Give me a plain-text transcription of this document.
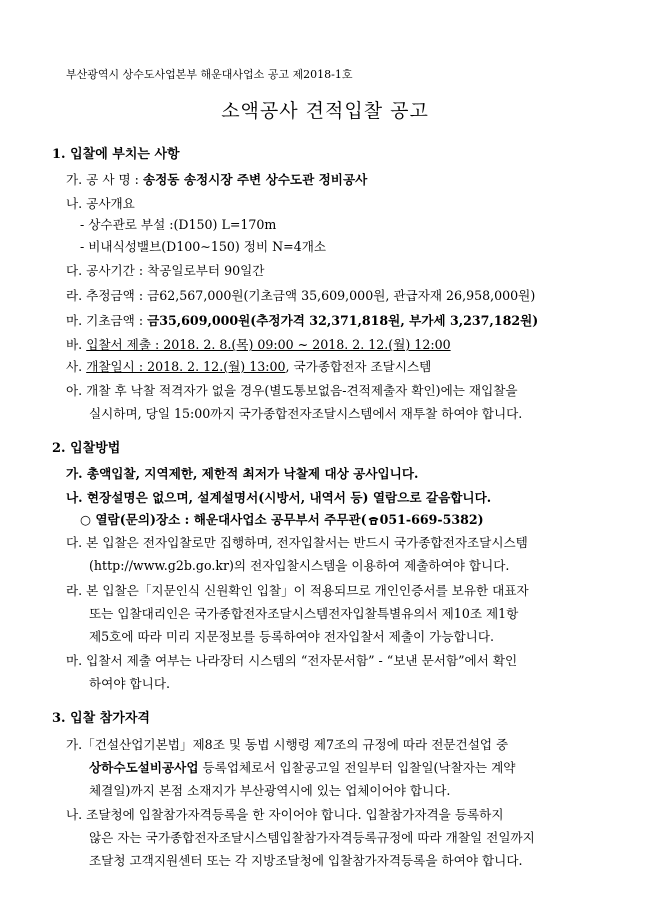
부산광역시 상수도사업본부 해운대사업소 공고 제2018-1호
소액공사 견적입찰 공고
1. 입찰에 부치는 사항
가. 공 사 명 : 송정동 송정시장 주변 상수도관 정비공사
나. 공사개요
- 상수관로 부설 :(D150) L=170m
- 비내식성밸브(D100∼150) 정비 N=4개소
다. 공사기간 : 착공일로부터 90일간
라. 추정금액 : 금62,567,000원(기초금액 35,609,000원, 관급자재 26,958,000원)
마. 기초금액 : 금35,609,000원(추정가격 32,371,818원, 부가세 3,237,182원)
바. 입찰서 제출 : 2018. 2. 8.(목) 09:00 ~ 2018. 2. 12.(월) 12:00
사. 개찰일시 : 2018. 2. 12.(월) 13:00, 국가종합전자 조달시스템
아. 개찰 후 낙찰 적격자가 없을 경우(별도통보없음-견적제출자 확인)에는 재입찰을
실시하며, 당일 15:00까지 국가종합전자조달시스템에서 재투찰 하여야 합니다.
2. 입찰방법
가. 총액입찰, 지역제한, 제한적 최저가 낙찰제 대상 공사입니다.
나. 현장설명은 없으며, 설계설명서(시방서, 내역서 등) 열람으로 갈음합니다.
○ 열람(문의)장소 : 해운대사업소 공무부서 주무관( 051-669-5382)
다. 본 입찰은 전자입찰로만 집행하며, 전자입찰서는 반드시 국가종합전자조달시스템
(http://www.g2b.go.kr)의 전자입찰시스템을 이용하여 제출하여야 합니다.
라. 본 입찰은「지문인식 신원확인 입찰」이 적용되므로 개인인증서를 보유한 대표자
또는 입찰대리인은 국가종합전자조달시스템전자입찰특별유의서 제10조 제1항
제5호에 따라 미리 지문정보를 등록하여야 전자입찰서 제출이 가능합니다.
마. 입찰서 제출 여부는 나라장터 시스템의 “전자문서함” - “보낸 문서함”에서 확인
하여야 합니다.
3. 입찰 참가자격
가.「건설산업기본법」제8조 및 동법 시행령 제7조의 규정에 따라 전문건설업 중
상하수도설비공사업 등록업체로서 입찰공고일 전일부터 입찰일(낙찰자는 계약
체결일)까지 본점 소재지가 부산광역시에 있는 업체이어야 합니다.
나. 조달청에 입찰참가자격등록을 한 자이어야 합니다. 입찰참가자격을 등록하지
않은 자는 국가종합전자조달시스템입찰참가자격등록규정에 따라 개찰일 전일까지
조달청 고객지원센터 또는 각 지방조달청에 입찰참가자격등록을 하여야 합니다.
